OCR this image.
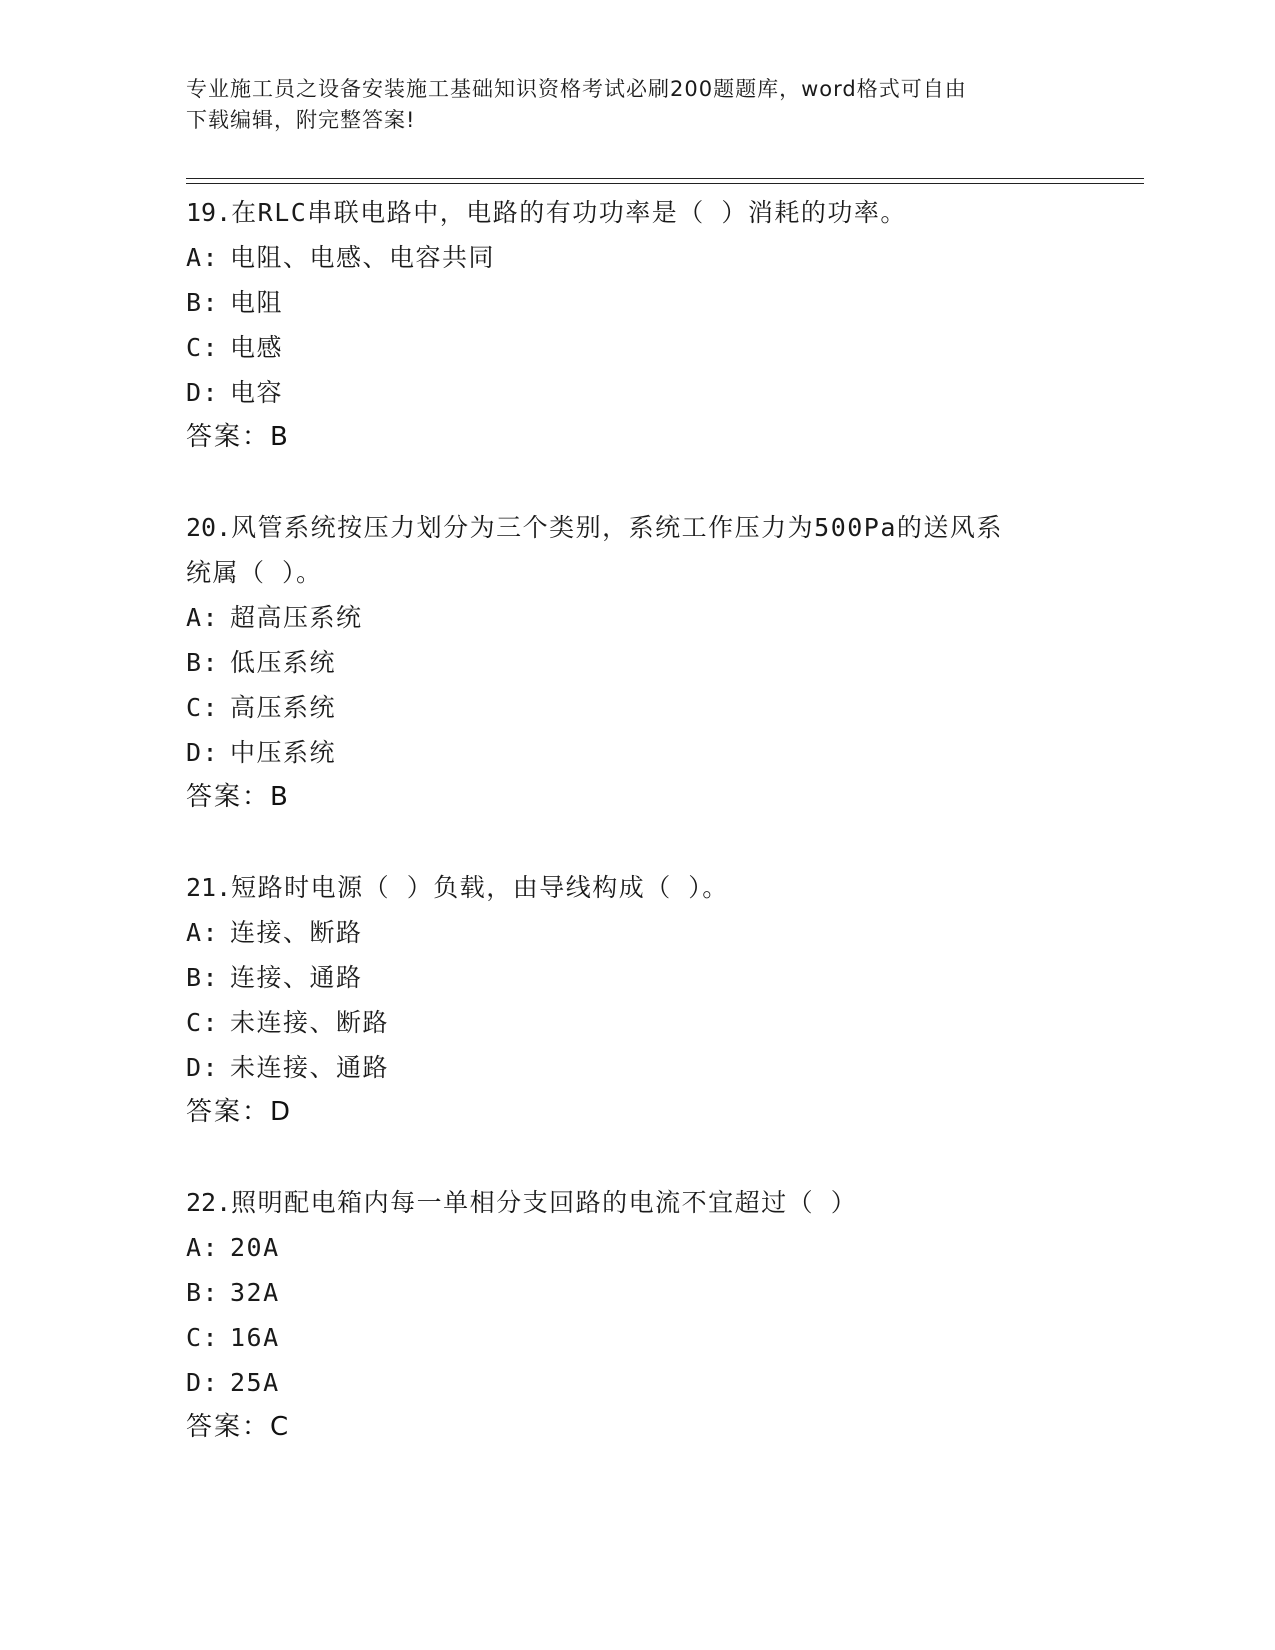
专业施工员之设备安装施工基础知识资格考试必刷200题题库，word格式可自由
下载编辑，附完整答案!
19.在RLC串联电路中，电路的有功功率是（ ）消耗的功率。
A: 电阻、电感、电容共同
B: 电阻
C: 电感
D: 电容
答案： B
20.风管系统按压力划分为三个类别，系统工作压力为500Pa的送风系
统属（ ）。
A: 超高压系统
B: 低压系统
C: 高压系统
D: 中压系统
答案： B
21.短路时电源（ ）负载，由导线构成（ ）。
A: 连接、断路
B: 连接、通路
C: 未连接、断路
D: 未连接、通路
答案： D
22.照明配电箱内每一单相分支回路的电流不宜超过（ ）
A: 20A
B: 32A
C: 16A
D: 25A
答案： C
